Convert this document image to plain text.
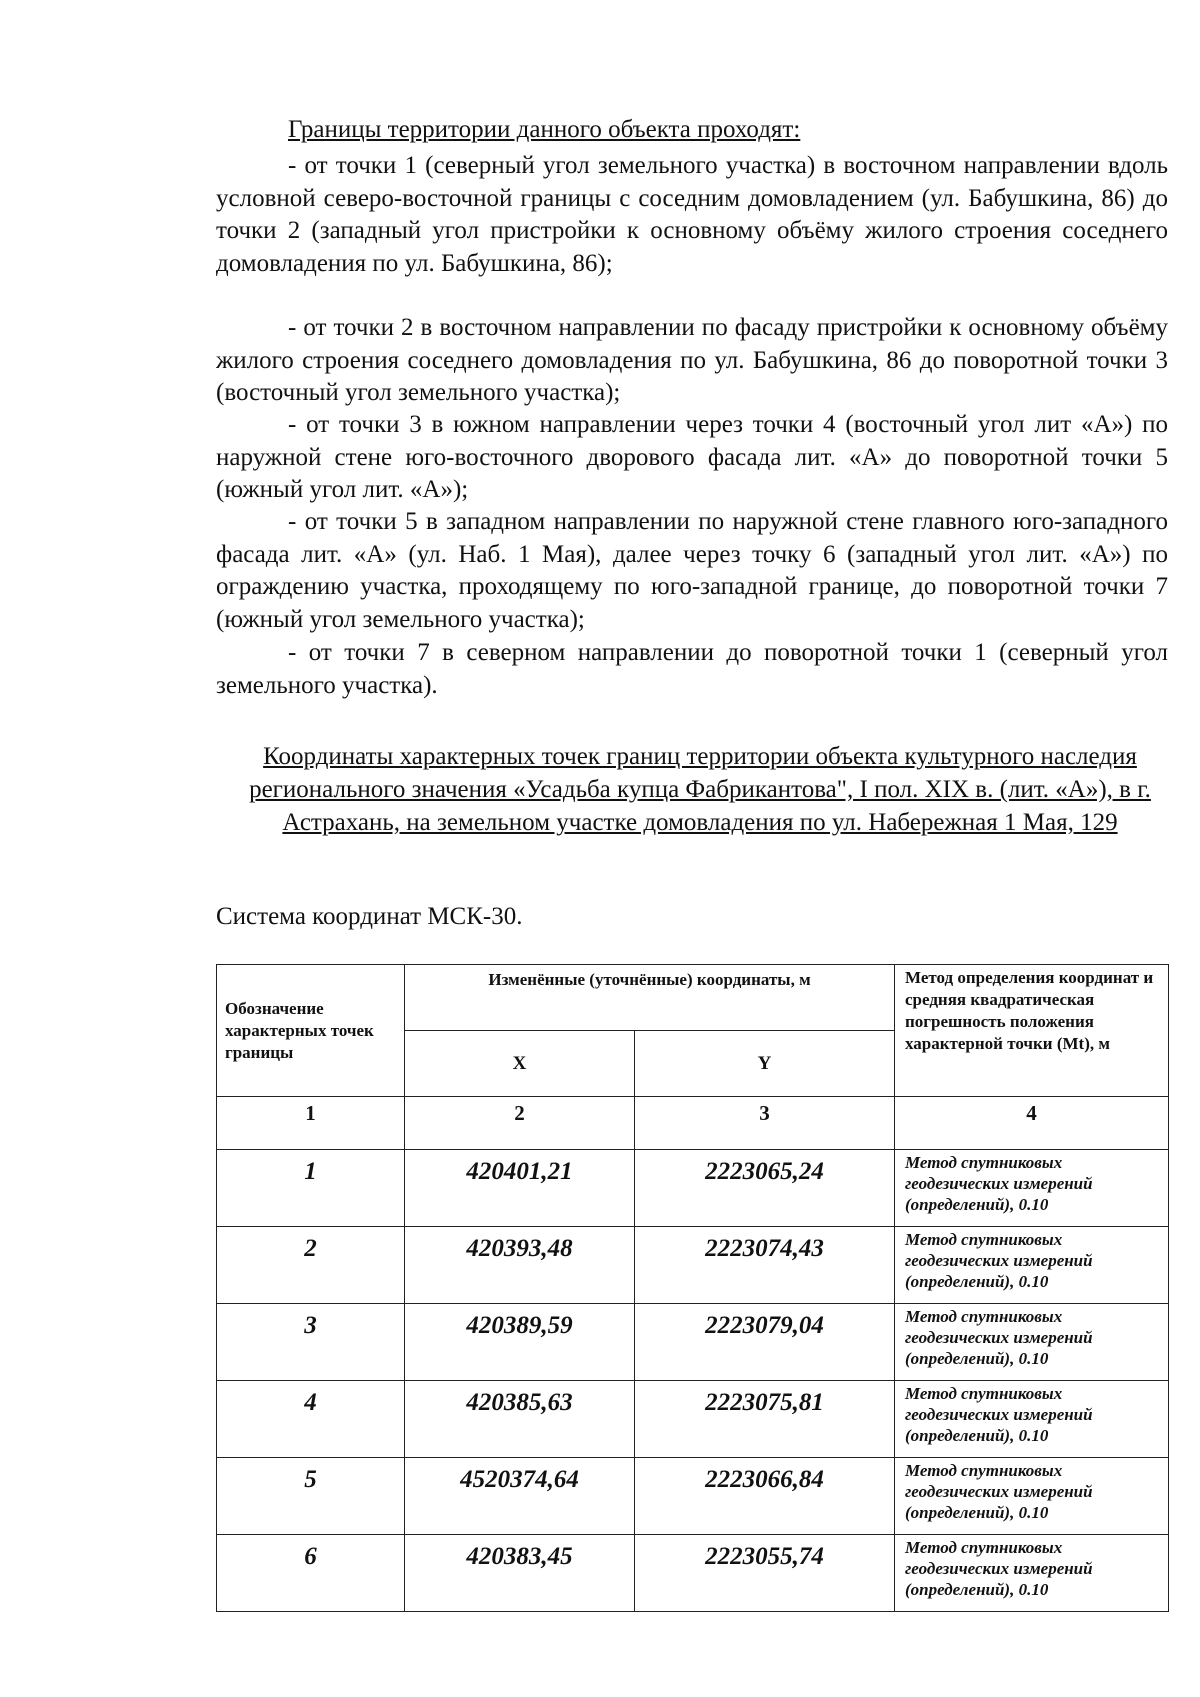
Границы территории данного объекта проходят:

- от точки 1 (северный угол земельного участка) в восточном направлении вдоль условной северо-восточной границы с соседним домовладением (ул. Бабушкина, 86) до точки 2 (западный угол пристройки к основному объёму жилого строения соседнего домовладения по ул. Бабушкина, 86);

- от точки 2 в восточном направлении по фасаду пристройки к основному объёму жилого строения соседнего домовладения по ул. Бабушкина, 86 до поворотной точки 3 (восточный угол земельного участка);

- от точки 3 в южном направлении через точки 4 (восточный угол лит «А») по наружной стене юго-восточного дворового фасада лит. «А» до поворотной точки 5 (южный угол лит. «А»);

- от точки 5 в западном направлении по наружной стене главного юго-западного фасада лит. «А» (ул. Наб. 1 Мая), далее через точку 6 (западный угол лит. «А») по ограждению участка, проходящему по юго-западной границе, до поворотной точки 7 (южный угол земельного участка);

- от точки 7 в северном направлении до поворотной точки 1 (северный угол земельного участка).

Координаты характерных точек границ территории объекта культурного наследия регионального значения «Усадьба купца Фабрикантова", I пол. XIX в. (лит. «А»), в г. Астрахань, на земельном участке домовладения по ул. Набережная 1 Мая, 129

Система координат МСК-30.

Обозначение характерных точек границы	Изменённые (уточнённые) координаты, м		Метод определения координат и средняя квадратическая погрешность положения характерной точки (Mt), м
	X	Y	
1	2	3	4
1	420401,21	2223065,24	Метод спутниковых геодезических измерений (определений), 0.10
2	420393,48	2223074,43	Метод спутниковых геодезических измерений (определений), 0.10
3	420389,59	2223079,04	Метод спутниковых геодезических измерений (определений), 0.10
4	420385,63	2223075,81	Метод спутниковых геодезических измерений (определений), 0.10
5	4520374,64	2223066,84	Метод спутниковых геодезических измерений (определений), 0.10
6	420383,45	2223055,74	Метод спутниковых геодезических измерений (определений), 0.10
